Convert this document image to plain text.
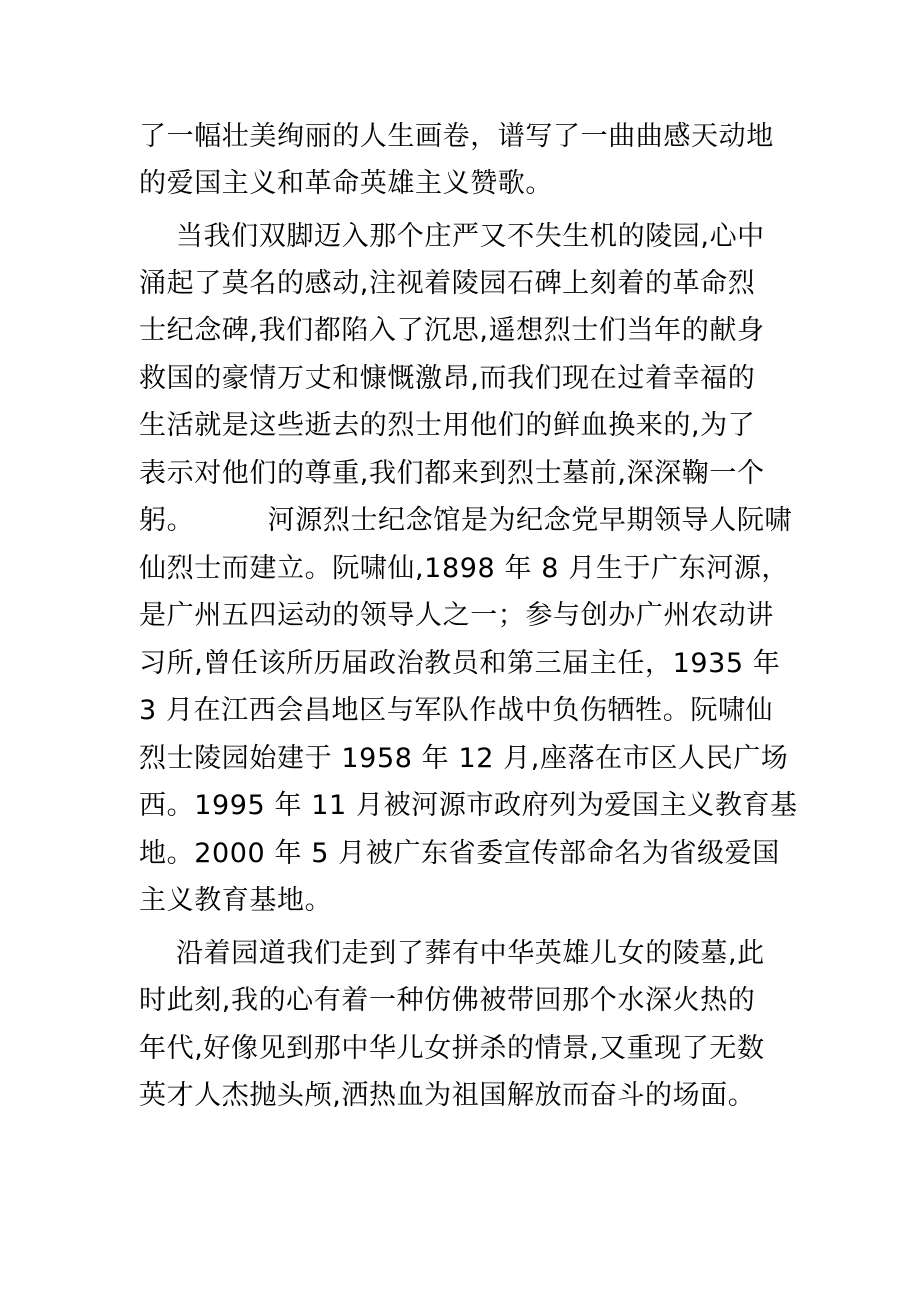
了一幅壮美绚丽的人生画卷，谱写了一曲曲感天动地
的爱国主义和革命英雄主义赞歌。
当我们双脚迈入那个庄严又不失生机的陵园,心中
涌起了莫名的感动,注视着陵园石碑上刻着的革命烈
士纪念碑,我们都陷入了沉思,遥想烈士们当年的献身
救国的豪情万丈和慷慨激昂,而我们现在过着幸福的
生活就是这些逝去的烈士用他们的鲜血换来的,为了
表示对他们的尊重,我们都来到烈士墓前,深深鞠一个
躬。        河源烈士纪念馆是为纪念党早期领导人阮啸
仙烈士而建立。阮啸仙,1898 年 8 月生于广东河源，
是广州五四运动的领导人之一；参与创办广州农动讲
习所,曾任该所历届政治教员和第三届主任，1935 年
3 月在江西会昌地区与军队作战中负伤牺牲。阮啸仙
烈士陵园始建于 1958 年 12 月,座落在市区人民广场
西。1995 年 11 月被河源市政府列为爱国主义教育基
地。2000 年 5 月被广东省委宣传部命名为省级爱国
主义教育基地。
沿着园道我们走到了葬有中华英雄儿女的陵墓,此
时此刻,我的心有着一种仿佛被带回那个水深火热的
年代,好像见到那中华儿女拼杀的情景,又重现了无数
英才人杰抛头颅,洒热血为祖国解放而奋斗的场面。
